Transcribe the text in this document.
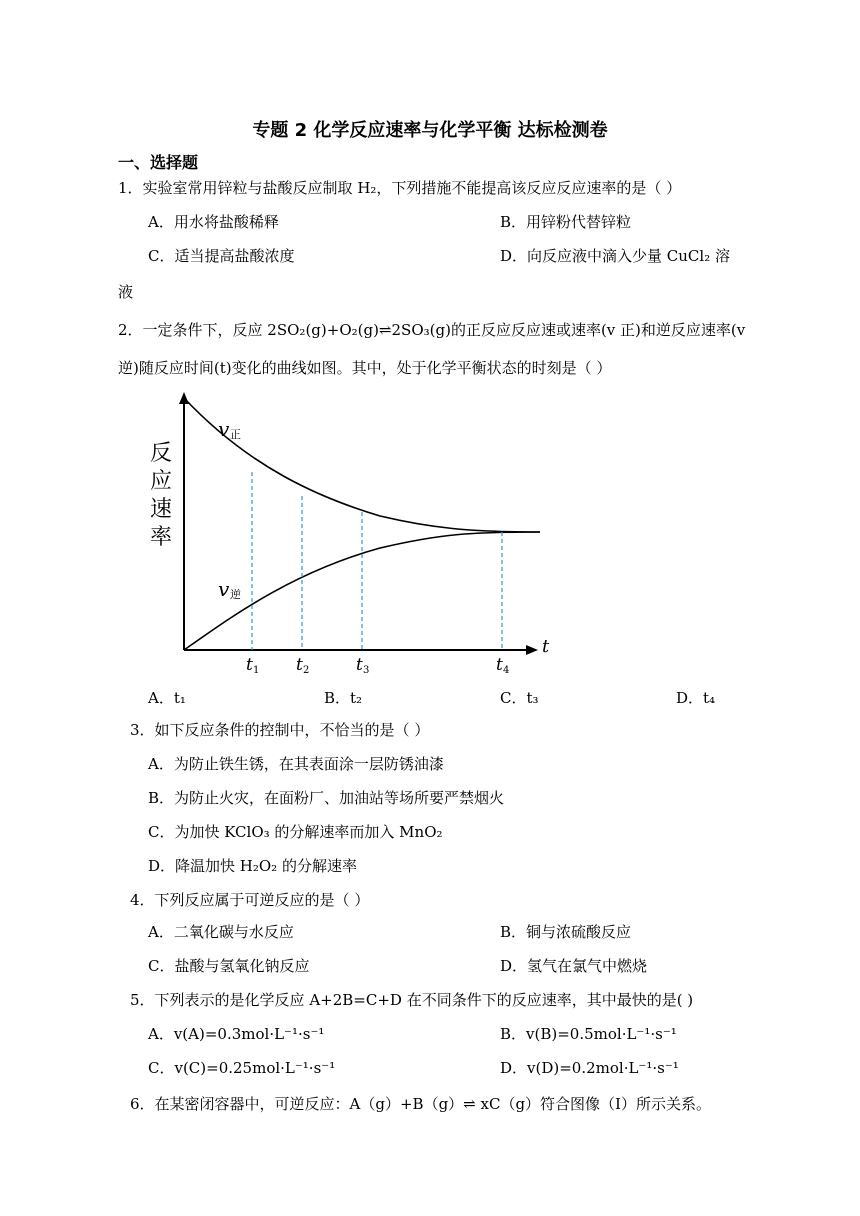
专题 2 化学反应速率与化学平衡 达标检测卷
一、选择题
1．实验室常用锌粒与盐酸反应制取 H₂，下列措施不能提高该反应反应速率的是（ ）
A．用水将盐酸稀释	B．用锌粉代替锌粒
C．适当提高盐酸浓度	D．向反应液中滴入少量 CuCl₂ 溶
液
2．一定条件下，反应 2SO₂(g)+O₂(g)⇌2SO₃(g)的正反应反应速或速率(v 正)和逆反应速率(v
逆)随反应时间(t)变化的曲线如图。其中，处于化学平衡状态的时刻是（ ）
反
应
速
率
v 正
v 逆
t
t 1 t 2	t 3	t 4
A．t₁	B．t₂	C．t₃	D．t₄
3．如下反应条件的控制中，不恰当的是（ ）
A．为防止铁生锈，在其表面涂一层防锈油漆
B．为防止火灾，在面粉厂、加油站等场所要严禁烟火
C．为加快 KClO₃ 的分解速率而加入 MnO₂
D．降温加快 H₂O₂ 的分解速率
4．下列反应属于可逆反应的是（ ）
A．二氧化碳与水反应	B．铜与浓硫酸反应
C．盐酸与氢氧化钠反应	D．氢气在氯气中燃烧
5．下列表示的是化学反应 A+2B=C+D 在不同条件下的反应速率，其中最快的是( )
A．v(A)=0.3mol·L⁻¹·s⁻¹	B．v(B)=0.5mol·L⁻¹·s⁻¹
C．v(C)=0.25mol·L⁻¹·s⁻¹	D．v(D)=0.2mol·L⁻¹·s⁻¹
6．在某密闭容器中，可逆反应：A（g）+B（g）⇌ xC（g）符合图像（I）所示关系。
